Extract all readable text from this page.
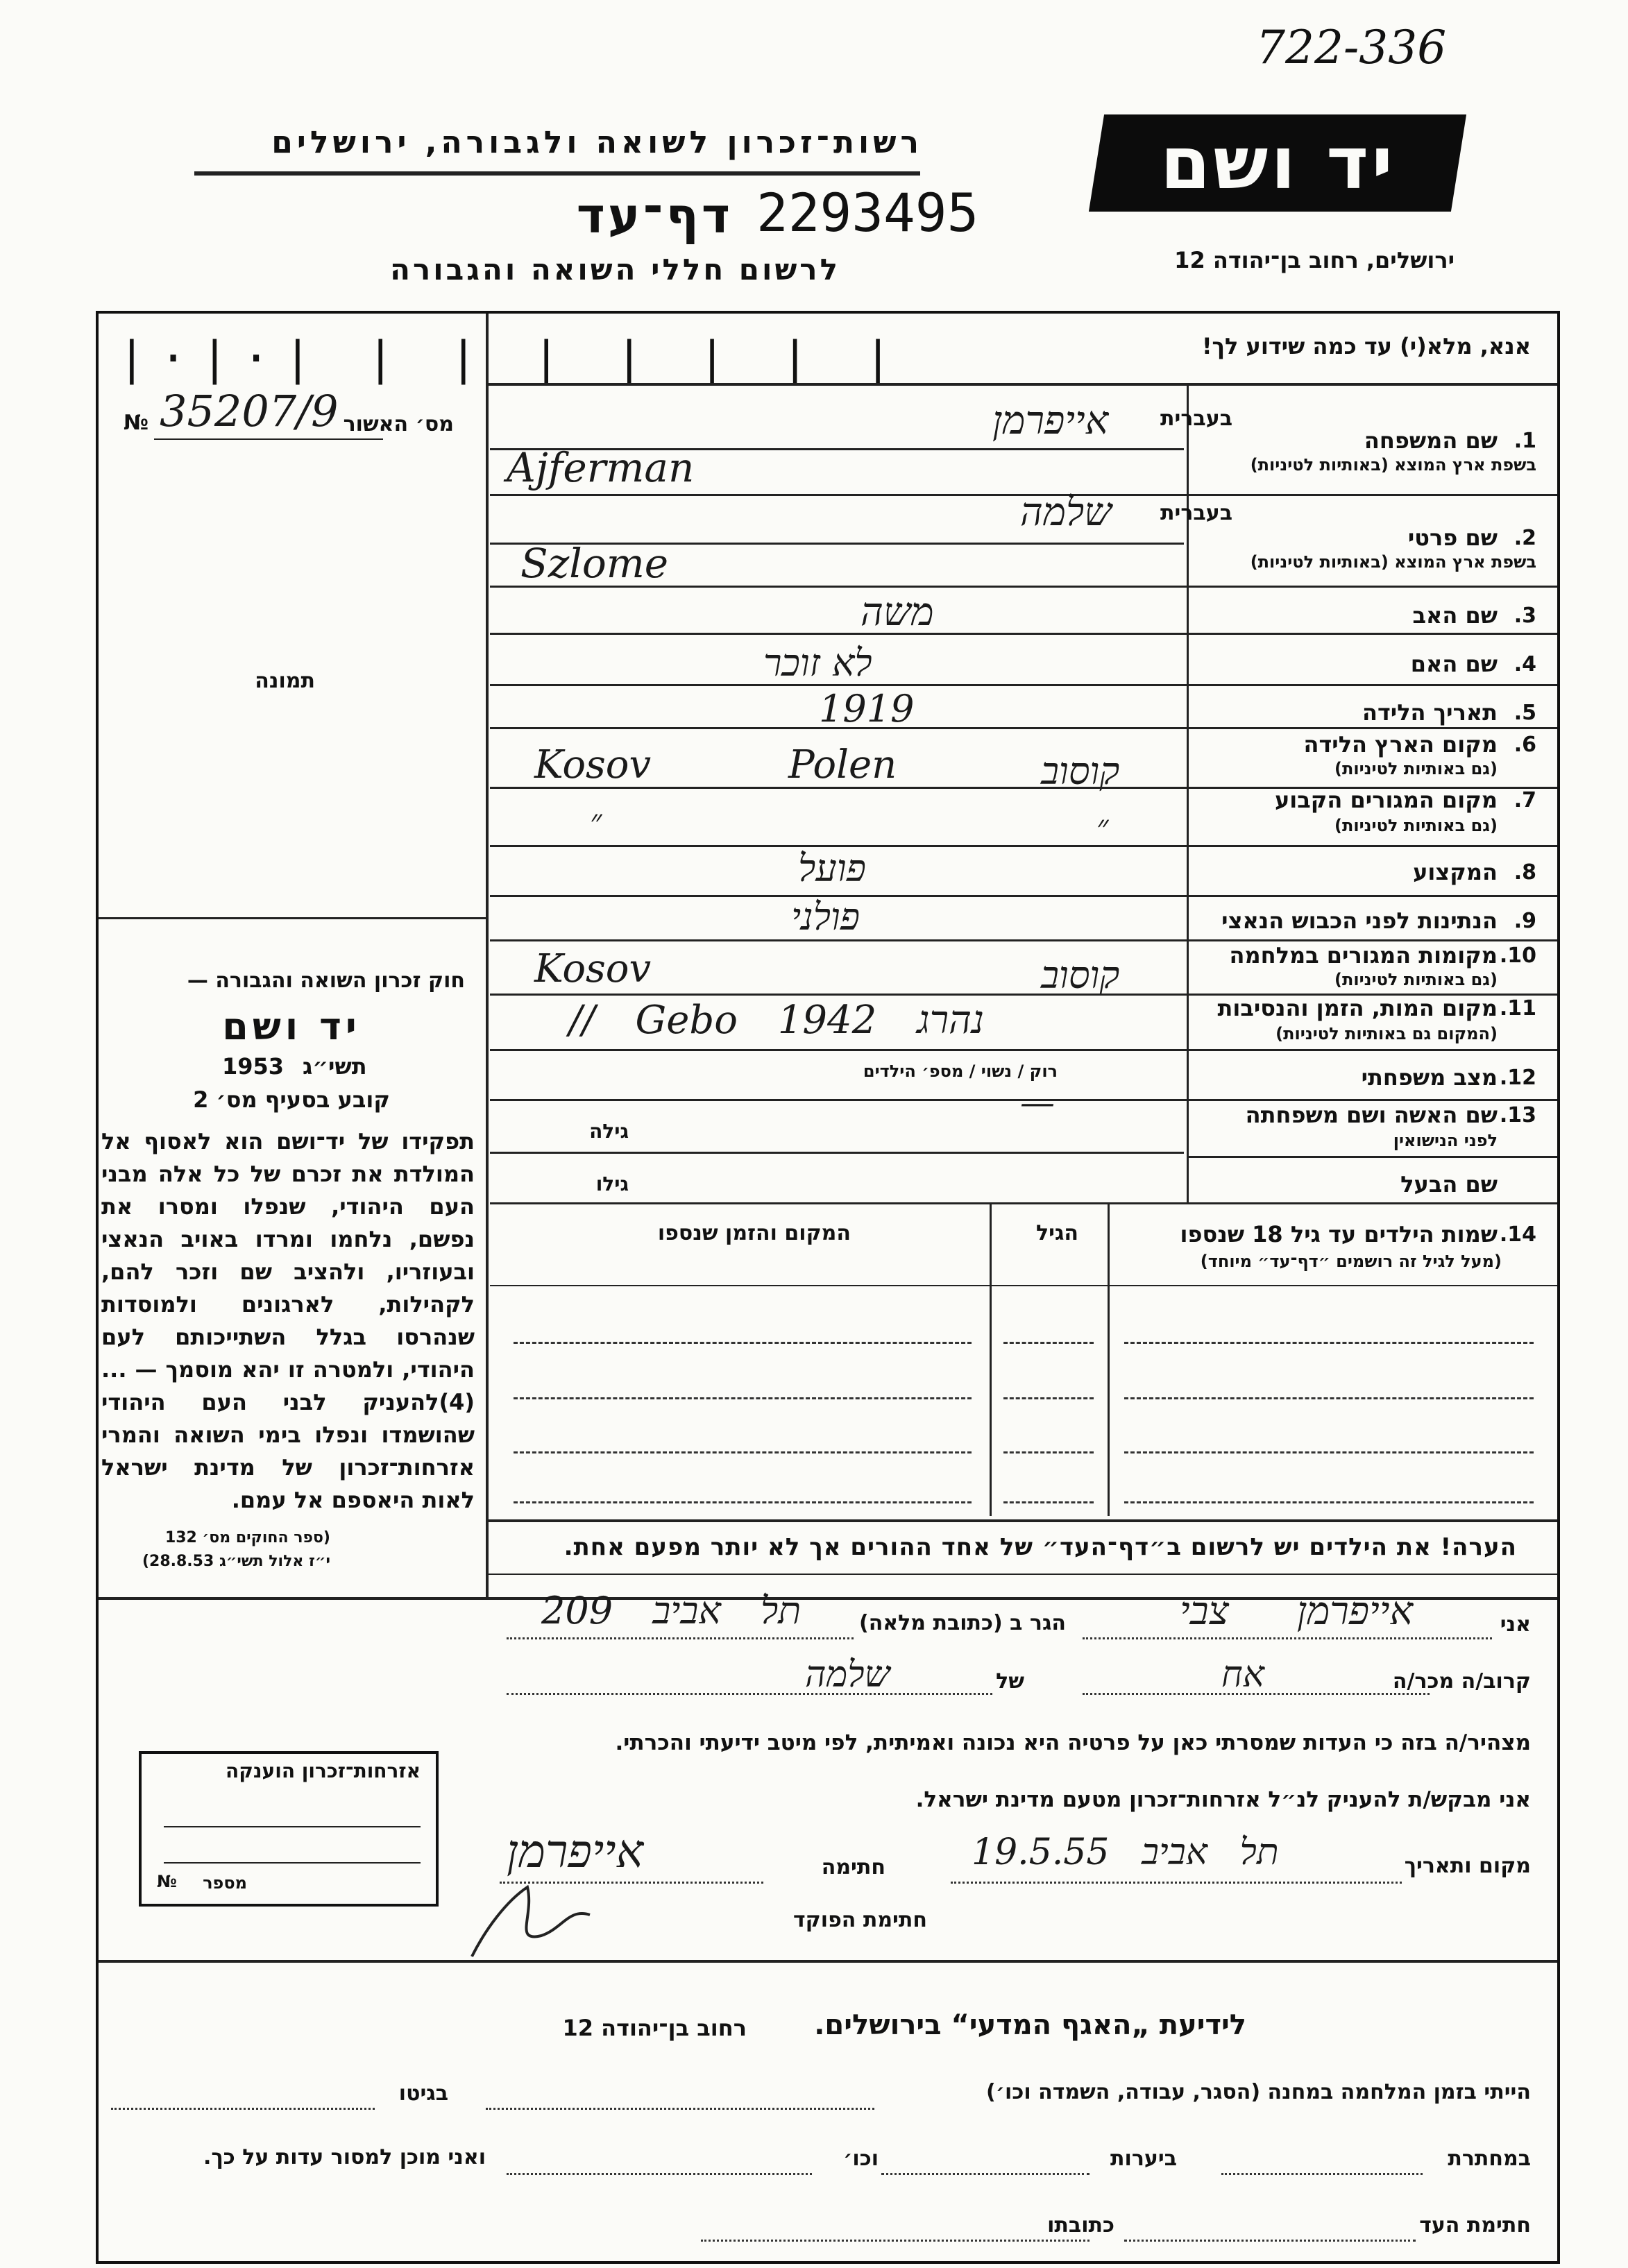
722-336
רשות־זכרון לשואה ולגבורה, ירושלים
דף־עד 2293495
לרשום חללי השואה והגבורה
יד ושם
ירושלים, רחוב בן־יהודה 12
|·|·| | | | | | | |
מס׳ האשור
№ 35207/9
תמונה
חוק זכרון השואה והגבורה —
יד ושם
תשי״ג
1953
קובע בסעיף מס׳ 2
תפקידו של יד־ושם הוא לאסוף אל המולדת את זכרם של כל אלה מבני העם היהודי, שנפלו ומסרו את נפשם, נלחמו ומרדו באויב הנאצי ובעוזריו, ולהציב שם וזכר להם, לקהילות, לארגונים ולמוסדות שנהרסו בגלל השתייכותם לעם היהודי, ולמטרה זו יהא מוסמך — ...(4)להעניק לבני העם היהודי שהושמדו ונפלו בימי השואה והמרי אזרחות־זכרון של מדינת ישראל לאות היאספם אל עמם.
(ספר החוקים מס׳ 132
י״ז אלול תשי״ג 28.8.53)
אנא, מלא(י) עד כמה שידוע לך!
בעברית
1.
שם המשפחה
בשפת ארץ המוצא (באותיות לטיניות)
אייפרמן
Ajferman
בעברית
2.
שם פרטי
בשפת ארץ המוצא (באותיות לטיניות)
שלמה
Szlome
3.
שם האב
משה
4.
שם האם
לא זוכר
5.
תאריך הלידה
1919
6.
מקום הארץ הלידה
(גם באותיות לטיניות)
קוסוב
Kosov Polen
7.
מקום המגורים הקבוע
(גם באותיות לטיניות)
״	״
8.
המקצוע
פועל
9.
הנתינות לפני הכבוש הנאצי
פולני
10.
מקומות המגורים במלחמה
(גם באותיות לטיניות)
קוסוב
Kosov
11.
מקום המות, הזמן והנסיבות
(המקום גם באותיות לטיניות)
// Gebo 1942 נהרג
12.
מצב משפחתי
רוק / נשוי / מספ׳ הילדים
—	13.
שם האשה ושם משפחתה
לפני הנישואין
גילה
שם הבעל
גילו
14.
שמות הילדים עד גיל 18 שנספו
(מעל לגיל זה רושמים ״דף־עד״ מיוחד)
הגיל
המקום והזמן שנספו
הערה! את הילדים יש לרשום ב״דף־העד״ של אחד ההורים אך לא יותר מפעם אחת.
אני
אייפרמן צבי
הגר ב (כתובת מלאה)
תל אביב 209
קרוב/ה מכר/ה
אח
של
שלמה
מצהיר/ה בזה כי העדות שמסרתי כאן על פרטיה היא נכונה ואמיתית, לפי מיטב ידיעתי והכרתי.
אני מבקש/ת להעניק לנ״ל אזרחות־זכרון מטעם מדינת ישראל.
מקום ותאריך
תל אביב 19.5.55
חתימה
אייפרמן
חתימת הפוקד
אזרחות־זכרון הוענקה
מספר
№
לידיעת „האגף המדעי“ בירושלים.
רחוב בן־יהודה 12
הייתי בזמן המלחמה במחנה (הסגר, עבודה, השמדה וכו׳)
בגיטו
במחתרת
ביערות
וכו׳
ואני מוכן למסור עדות על כך.
חתימת העד
כתובתו
